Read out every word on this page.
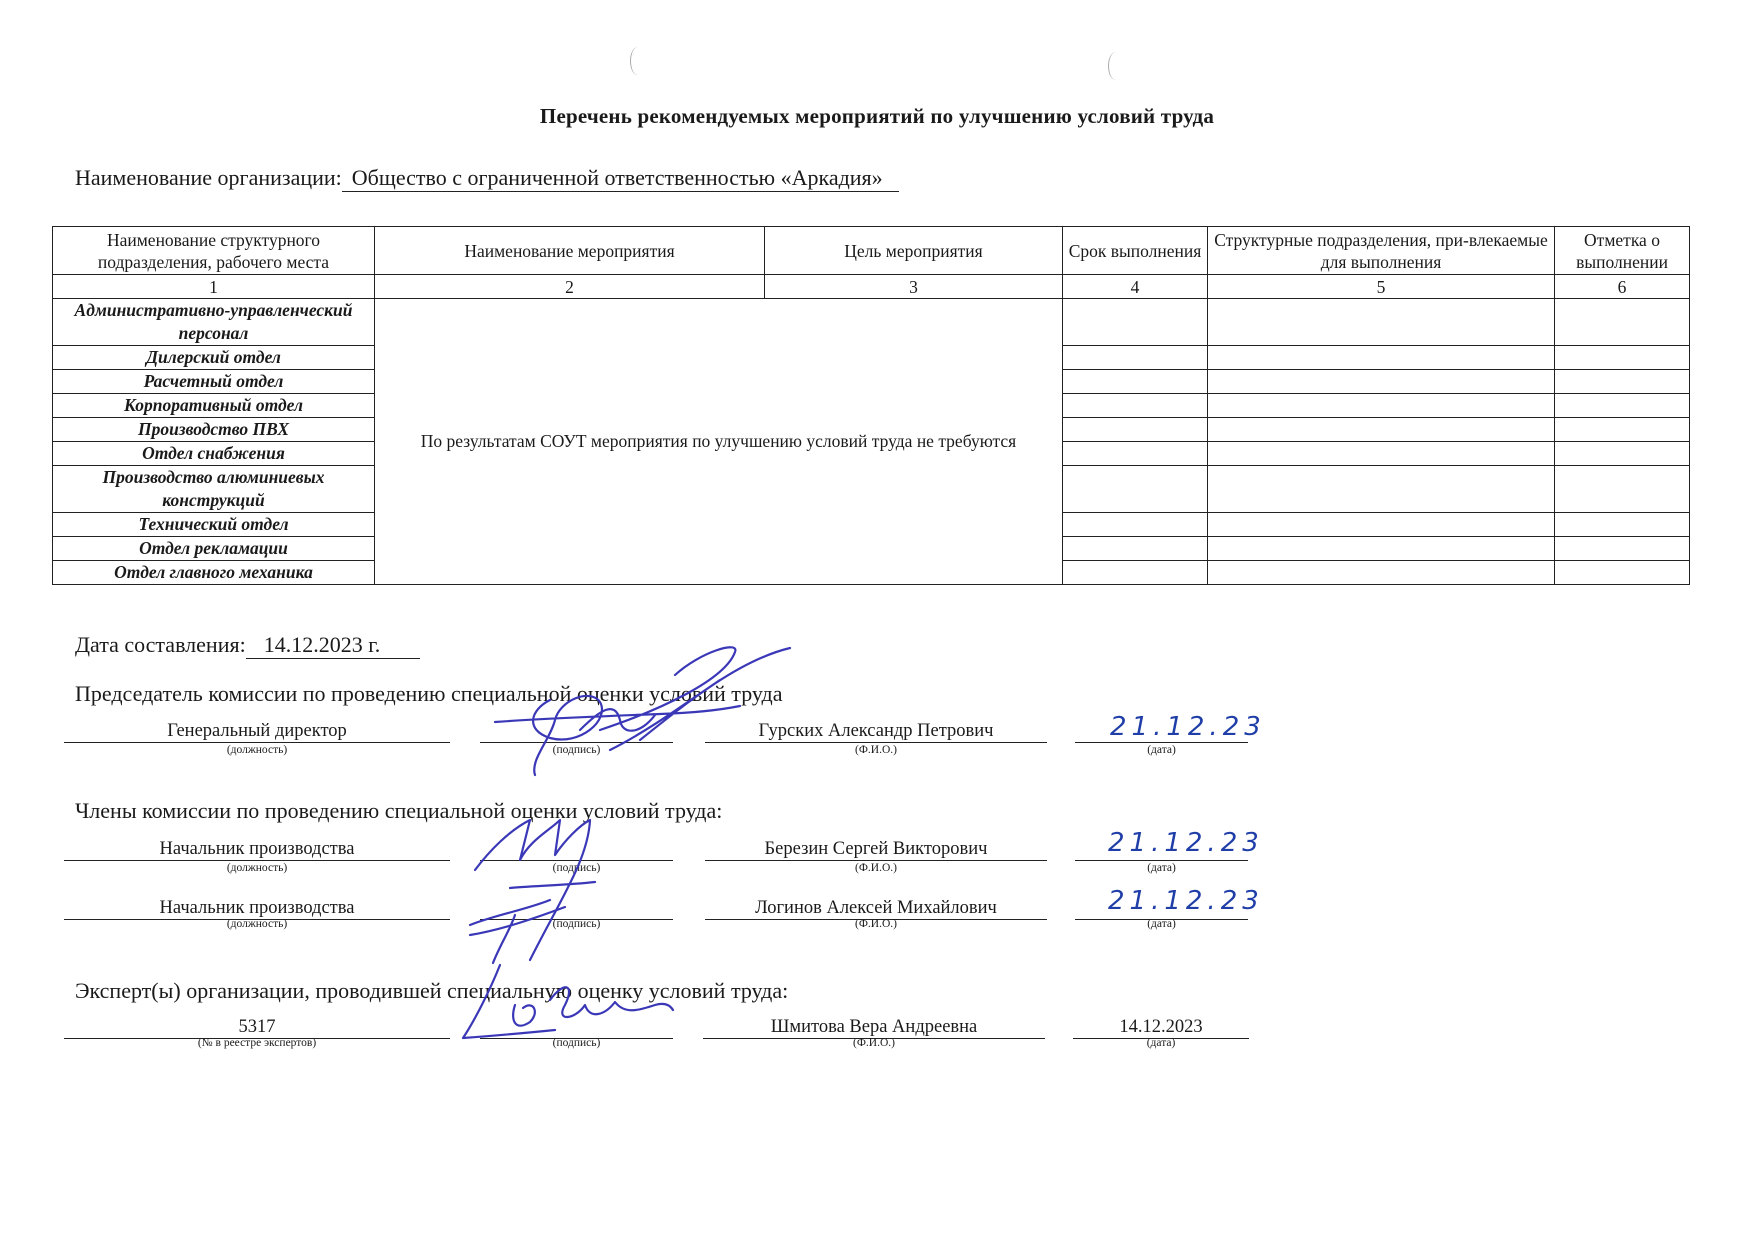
Перечень рекомендуемых мероприятий по улучшению условий труда
Наименование организации: Общество с ограниченной ответственностью «Аркадия»
Наименование структурного подразделения, рабочего места	Наименование мероприятия	Цель мероприятия	Срок выполнения	Структурные подразделения, при-влекаемые для выполнения	Отметка о выполнении
1	2	3	4	5	6
Административно-управленческий персонал	По результатам СОУТ мероприятия по улучшению условий труда не требуются				
Дилерский отдел					
Расчетный отдел					
Корпоративный отдел					
Производство ПВХ					
Отдел снабжения					
Производство алюминиевых конструкций					
Технический отдел					
Отдел рекламации					
Отдел главного механика					
Дата составления: 14.12.2023 г.
Председатель комиссии по проведению специальной оценки условий труда
Генеральный директор
(должность)	(подпись)
Гурских Александр Петрович
(Ф.И.О.)
21.12.23
(дата)
Члены комиссии по проведению специальной оценки условий труда:
Начальник производства
(должность)	(подпись)
Березин Сергей Викторович
(Ф.И.О.)
21.12.23
(дата)
Начальник производства
(должность)	(подпись)
Логинов Алексей Михайлович
(Ф.И.О.)
21.12.23
(дата)
Эксперт(ы) организации, проводившей специальную оценку условий труда:
5317
(№ в реестре экспертов)	(подпись)
Шмитова Вера Андреевна
(Ф.И.О.)
14.12.2023
(дата)
